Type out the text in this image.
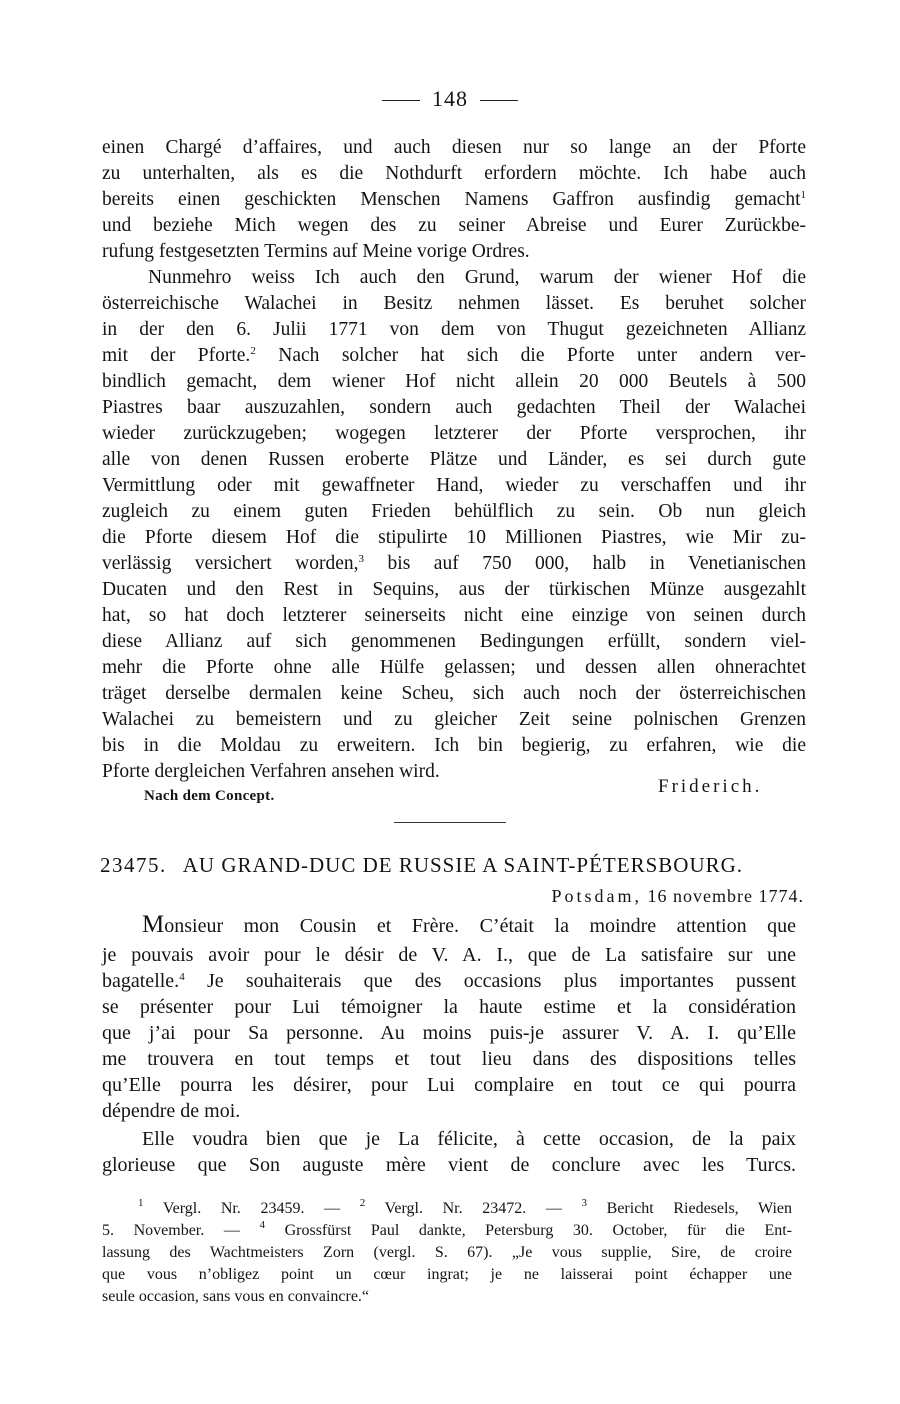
148
einen Chargé d’affaires, und auch diesen nur so lange an der Pforte
zu unterhalten, als es die Nothdurft erfordern möchte. Ich habe auch
bereits einen geschickten Menschen Namens Gaffron ausfindig gemacht$^1$
und beziehe Mich wegen des zu seiner Abreise und Eurer Zurückbe-
rufung festgesetzten Termins auf Meine vorige Ordres.
Nunmehro weiss Ich auch den Grund, warum der wiener Hof die
österreichische Walachei in Besitz nehmen lässet. Es beruhet solcher
in der den 6. Julii 1771 von dem von Thugut gezeichneten Allianz
mit der Pforte.$^2$ Nach solcher hat sich die Pforte unter andern ver-
bindlich gemacht, dem wiener Hof nicht allein 20 000 Beutels à 500
Piastres baar auszuzahlen, sondern auch gedachten Theil der Walachei
wieder zurückzugeben; wogegen letzterer der Pforte versprochen, ihr
alle von denen Russen eroberte Plätze und Länder, es sei durch gute
Vermittlung oder mit gewaffneter Hand, wieder zu verschaffen und ihr
zugleich zu einem guten Frieden behülflich zu sein. Ob nun gleich
die Pforte diesem Hof die stipulirte 10 Millionen Piastres, wie Mir zu-
verlässig versichert worden,$^3$ bis auf 750 000, halb in Venetianischen
Ducaten und den Rest in Sequins, aus der türkischen Münze ausgezahlt
hat, so hat doch letzterer seinerseits nicht eine einzige von seinen durch
diese Allianz auf sich genommenen Bedingungen erfüllt, sondern viel-
mehr die Pforte ohne alle Hülfe gelassen; und dessen allen ohnerachtet
träget derselbe dermalen keine Scheu, sich auch noch der österreichischen
Walachei zu bemeistern und zu gleicher Zeit seine polnischen Grenzen
bis in die Moldau zu erweitern. Ich bin begierig, zu erfahren, wie die
Pforte dergleichen Verfahren ansehen wird.
Friderich.
Nach dem Concept.
23475. AU GRAND-DUC DE RUSSIE A SAINT-PÉTERSBOURG.
Potsdam, 16 novembre 1774.
Monsieur mon Cousin et Frère. C’était la moindre attention que
je pouvais avoir pour le désir de V. A. I., que de La satisfaire sur une
bagatelle.$^4$ Je souhaiterais que des occasions plus importantes pussent
se présenter pour Lui témoigner la haute estime et la considération
que j’ai pour Sa personne. Au moins puis-je assurer V. A. I. qu’Elle
me trouvera en tout temps et tout lieu dans des dispositions telles
qu’Elle pourra les désirer, pour Lui complaire en tout ce qui pourra
dépendre de moi.
Elle voudra bien que je La félicite, à cette occasion, de la paix
glorieuse que Son auguste mère vient de conclure avec les Turcs.
$^1$ Vergl. Nr. 23459. — $^2$ Vergl. Nr. 23472. — $^3$ Bericht Riedesels, Wien
5. November. — $^4$ Grossfürst Paul dankte, Petersburg 30. October, für die Ent-
lassung des Wachtmeisters Zorn (vergl. S. 67). „Je vous supplie, Sire, de croire
que vous n’obligez point un cœur ingrat; je ne laisserai point échapper une
seule occasion, sans vous en convaincre.“
